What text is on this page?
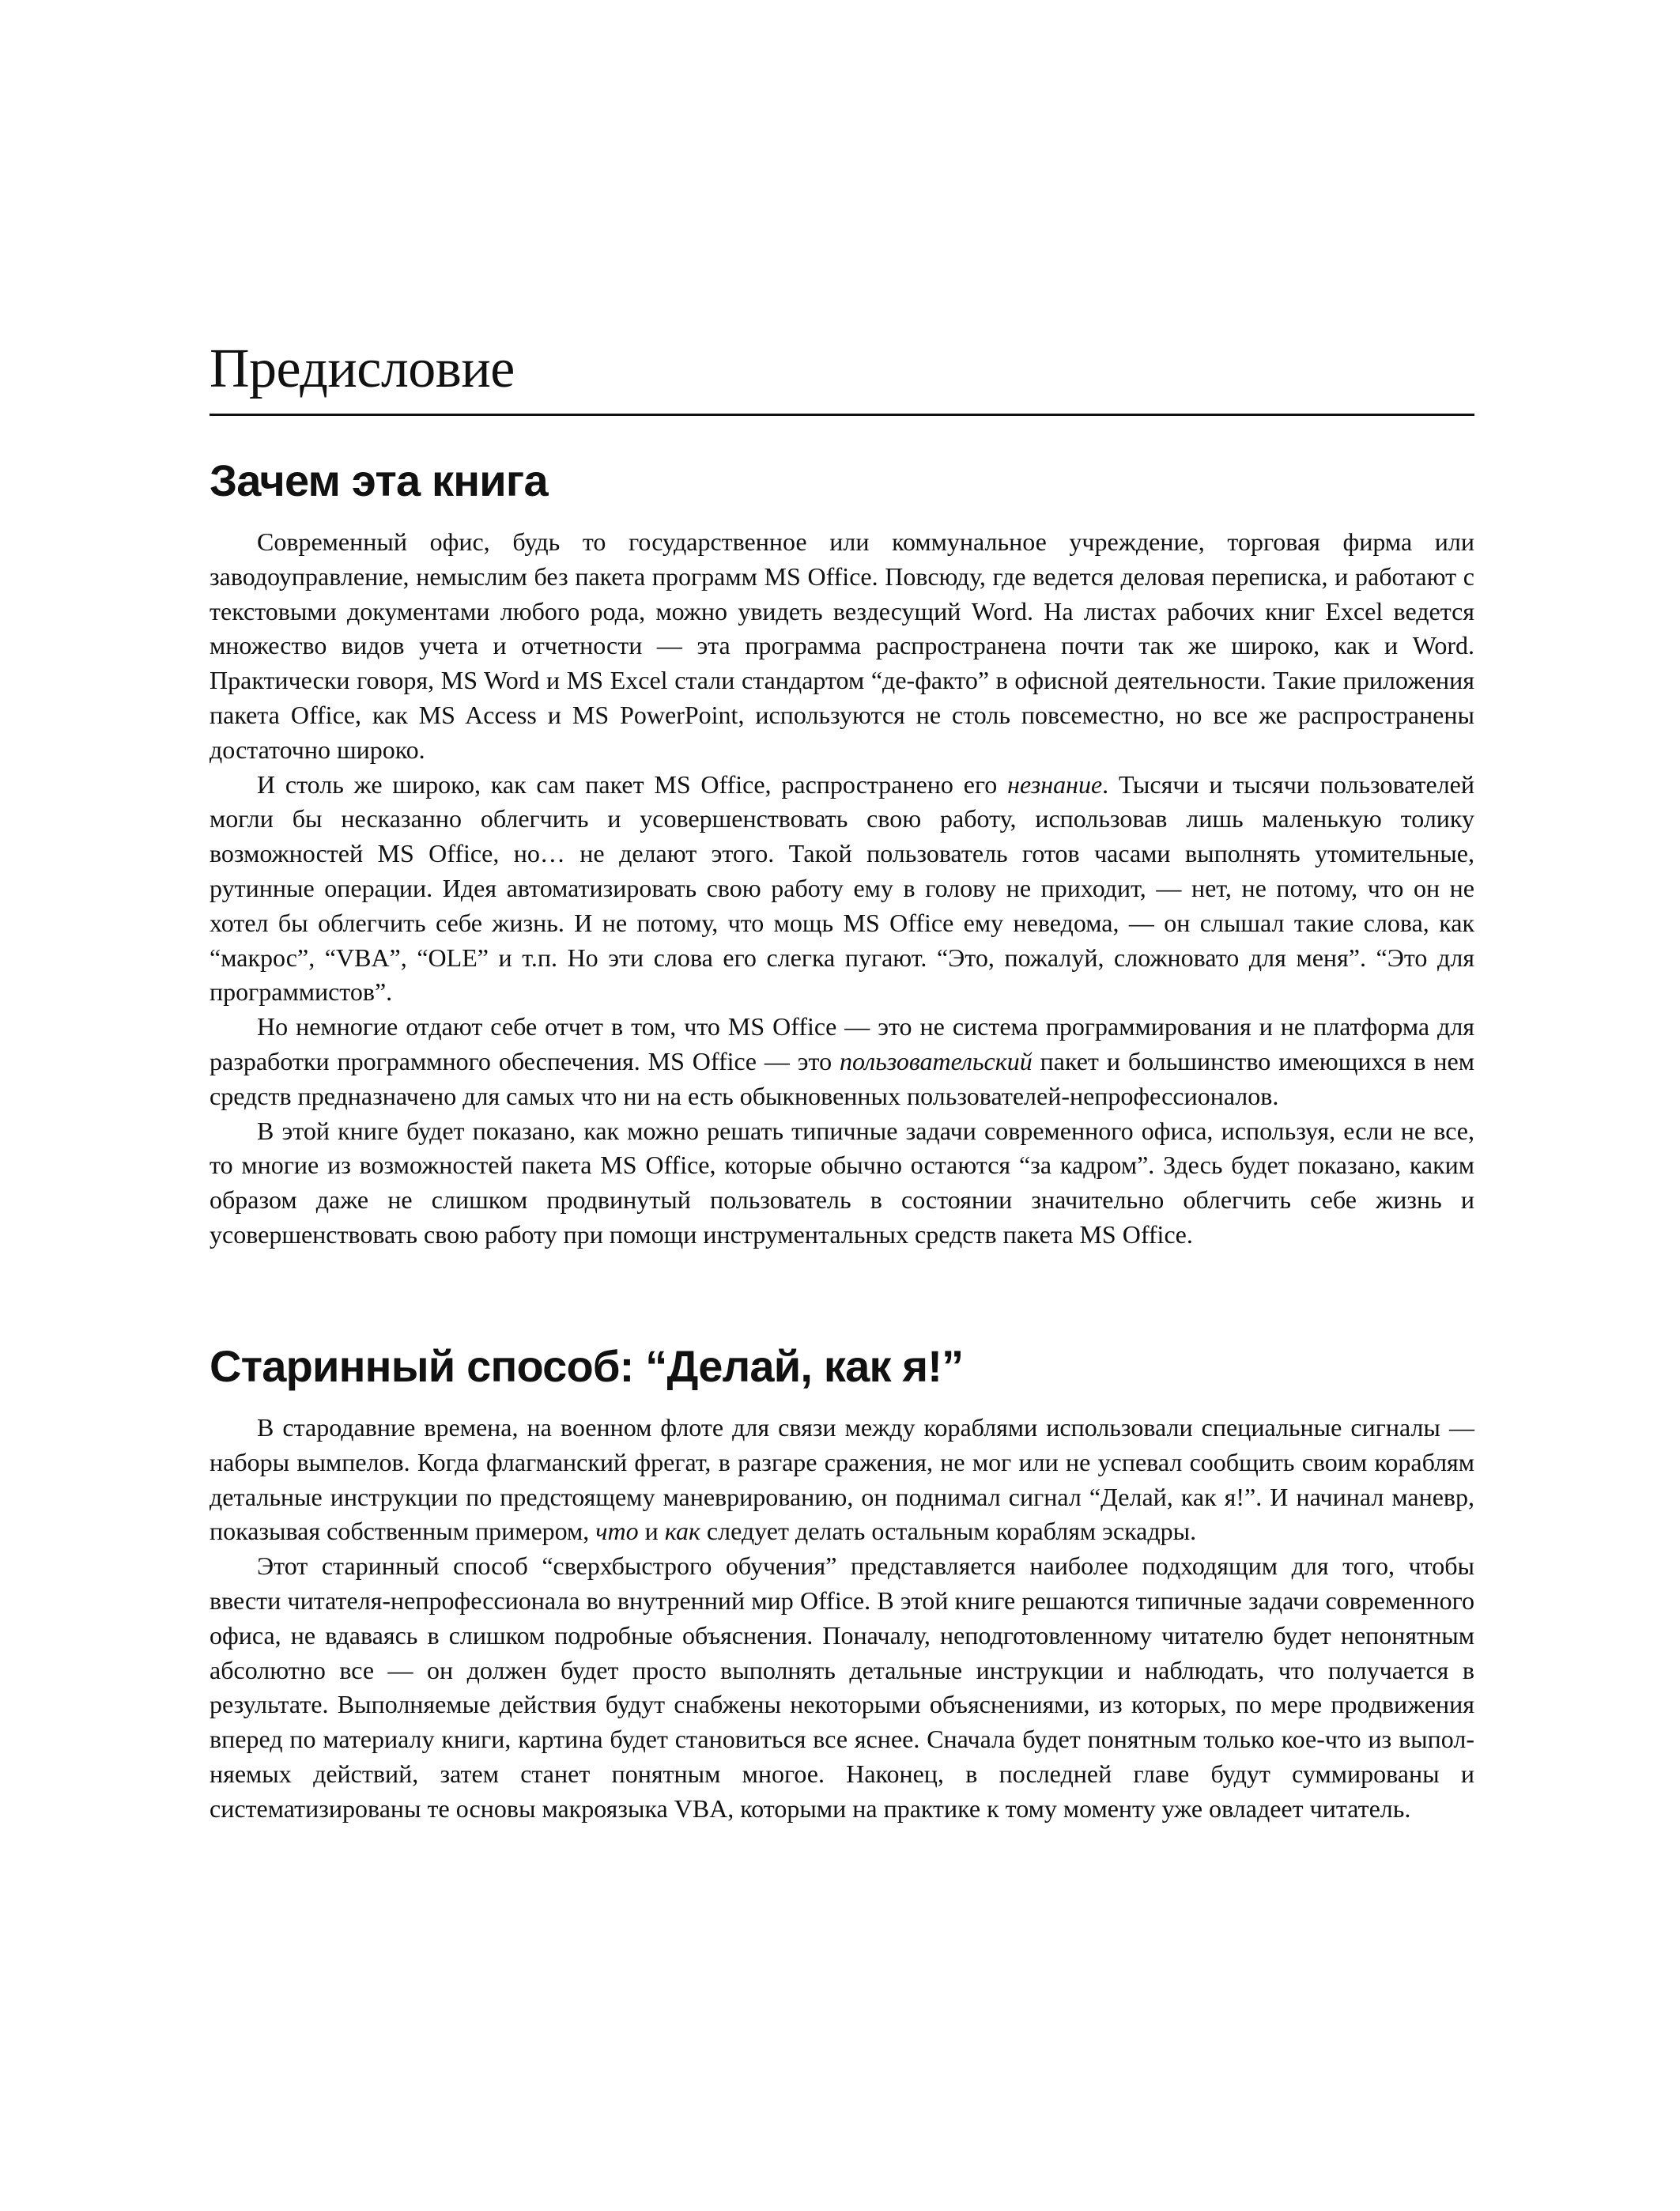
Предисловие
Зачем эта книга

Современный офис, будь то государственное или коммунальное учреждение, торговая фирма или заводоуправление, немыслим без пакета программ MS Office. Повсюду, где ведется деловая переписка, и работают с текстовыми документами любого рода, можно увидеть вездесущий Word. На листах рабочих книг Excel ведется множество видов учета и отчетности — эта программа распространена почти так же широко, как и Word. Практически говоря, MS Word и MS Excel стали стандартом “де-факто” в офисной деятельности. Такие приложения пакета Office, как MS Access и MS PowerPoint, используются не столь повсеместно, но все же распространены достаточно широко.

И столь же широко, как сам пакет MS Office, распространено его незнание. Тысячи и тысячи пользователей могли бы несказанно облегчить и усовершенствовать свою работу, использовав лишь маленькую толику возможностей MS Office, но… не делают этого. Такой пользователь готов часами выполнять утомительные, рутинные операции. Идея автоматизировать свою работу ему в голову не приходит, — нет, не потому, что он не хотел бы облегчить себе жизнь. И не потому, что мощь MS Office ему неведома, — он слышал такие слова, как “макрос”, “VBA”, “OLE” и т.п. Но эти слова его слегка пугают. “Это, пожалуй, сложновато для меня”. “Это для программистов”.

Но немногие отдают себе отчет в том, что MS Office — это не система программирования и не платформа для разработки программного обеспечения. MS Office — это пользовательский пакет и большинство имеющихся в нем средств предназначено для самых что ни на есть обыкновенных пользователей-непрофессионалов.

В этой книге будет показано, как можно решать типичные задачи современного офиса, используя, если не все, то многие из возможностей пакета MS Office, которые обычно остаются “за кадром”. Здесь будет показано, каким образом даже не слишком продвинутый пользователь в состоянии значительно облегчить себе жизнь и усовершенствовать свою работу при помощи инструментальных средств пакета MS Office.

Старинный способ: “Делай, как я!”

В стародавние времена, на военном флоте для связи между кораблями использовали специальные сигналы — наборы вымпелов. Когда флагманский фрегат, в разгаре сражения, не мог или не успевал сообщить своим кораблям детальные инструкции по предстоящему маневрированию, он поднимал сигнал “Делай, как я!”. И начинал маневр, показывая собственным примером, что и как следует делать остальным кораблям эскадры.

Этот старинный способ “сверхбыстрого обучения” представляется наиболее подходящим для того, чтобы ввести читателя-непрофессионала во внутренний мир Office. В этой книге решаются типичные задачи современного офиса, не вдаваясь в слишком подробные объяснения. Поначалу, неподготовленному читателю будет непонятным абсолютно все — он должен будет просто выполнять детальные инструкции и наблюдать, что получается в результате. Выполняемые действия будут снабжены некоторыми объяснениями, из которых, по мере продвижения вперед по материалу книги, картина будет становиться все яснее. Сначала будет понятным только кое-что из выполняемых действий, затем станет понятным многое. Наконец, в последней главе будут суммированы и систематизированы те основы макроязыка VBA, которыми на практике к тому моменту уже овладеет читатель.
